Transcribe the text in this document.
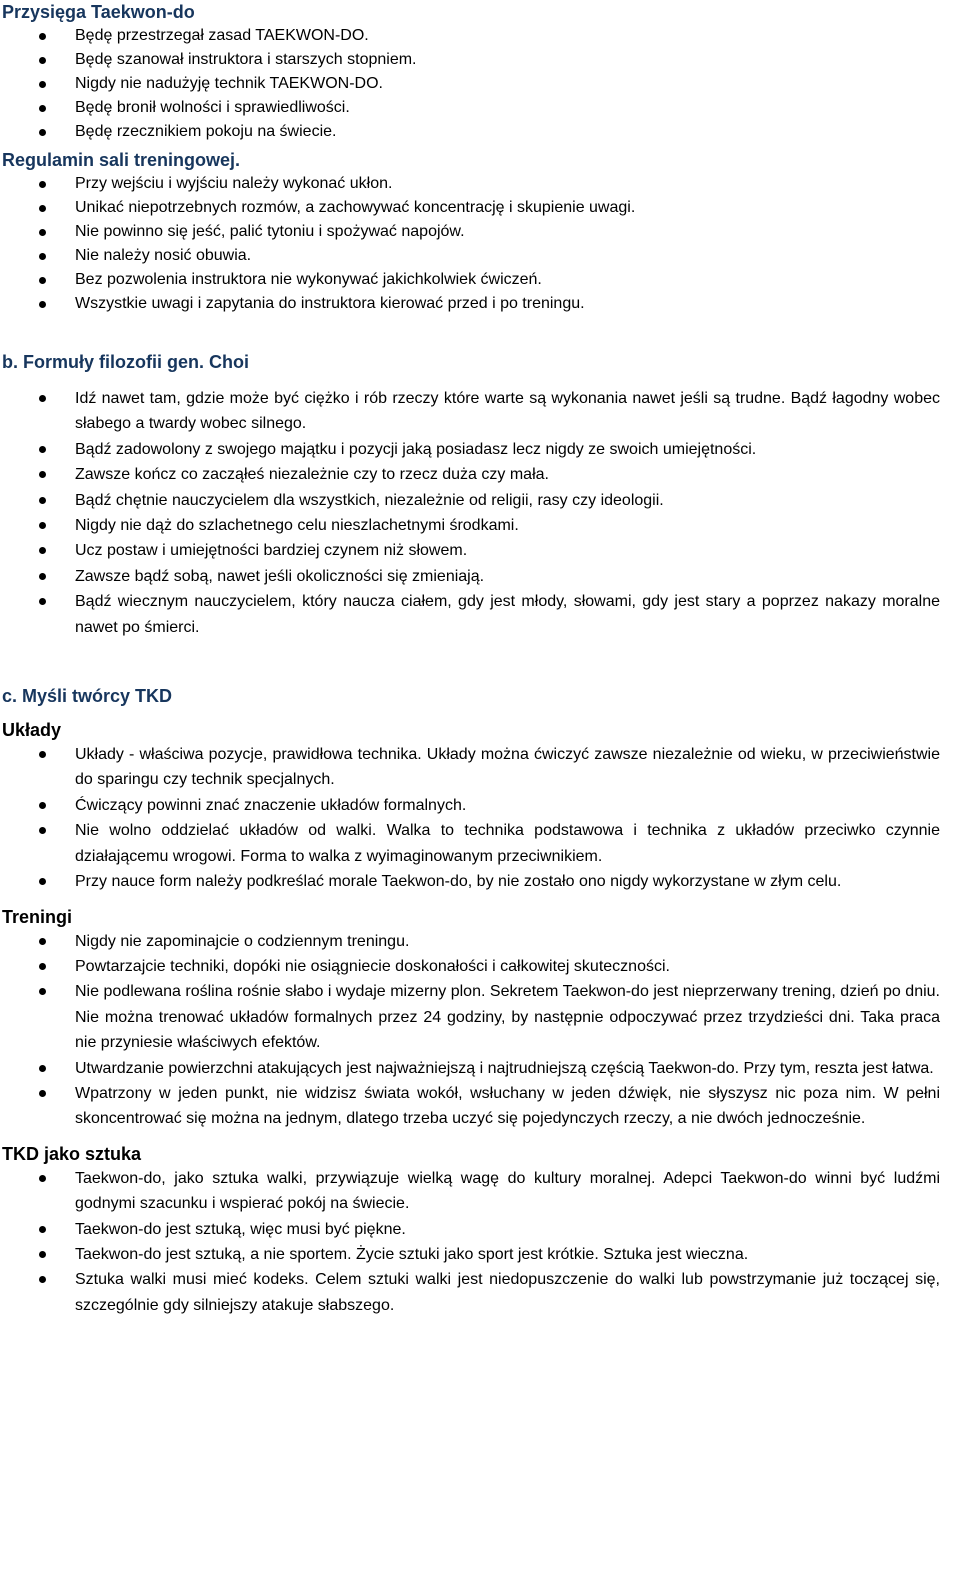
Przysięga Taekwon-do
Będę przestrzegał zasad TAEKWON-DO.
Będę szanował instruktora i starszych stopniem.
Nigdy nie nadużyję technik TAEKWON-DO.
Będę bronił wolności i sprawiedliwości.
Będę rzecznikiem pokoju na świecie.
Regulamin sali treningowej.
Przy wejściu i wyjściu należy wykonać ukłon.
Unikać niepotrzebnych rozmów, a zachowywać koncentrację i skupienie uwagi.
Nie powinno się jeść, palić tytoniu i spożywać napojów.
Nie należy nosić obuwia.
Bez pozwolenia instruktora nie wykonywać jakichkolwiek ćwiczeń.
Wszystkie uwagi i zapytania do instruktora kierować przed i po treningu.
b. Formuły filozofii gen. Choi
Idź nawet tam, gdzie może być ciężko i rób rzeczy które warte są wykonania nawet jeśli są trudne. Bądź łagodny wobec słabego a twardy wobec silnego.
Bądź zadowolony z swojego majątku i pozycji jaką posiadasz lecz nigdy ze swoich umiejętności.
Zawsze kończ co zacząłeś niezależnie czy to rzecz duża czy mała.
Bądź chętnie nauczycielem dla wszystkich, niezależnie od religii, rasy czy ideologii.
Nigdy nie dąż do szlachetnego celu nieszlachetnymi środkami.
Ucz postaw i umiejętności bardziej czynem niż słowem.
Zawsze bądź sobą, nawet jeśli okoliczności się zmieniają.
Bądź wiecznym nauczycielem, który naucza ciałem, gdy jest młody, słowami, gdy jest stary a poprzez nakazy moralne nawet po śmierci.
c. Myśli twórcy TKD
Układy
Układy - właściwa pozycje, prawidłowa technika. Układy można ćwiczyć zawsze niezależnie od wieku, w przeciwieństwie do sparingu czy technik specjalnych.
Ćwiczący powinni znać znaczenie układów formalnych.
Nie wolno oddzielać układów od walki. Walka to technika podstawowa i technika z układów przeciwko czynnie działającemu wrogowi. Forma to walka z wyimaginowanym przeciwnikiem.
Przy nauce form należy podkreślać morale Taekwon-do, by nie zostało ono nigdy wykorzystane w złym celu.
Treningi
Nigdy nie zapominajcie o codziennym treningu.
Powtarzajcie techniki, dopóki nie osiągniecie doskonałości i całkowitej skuteczności.
Nie podlewana roślina rośnie słabo i wydaje mizerny plon. Sekretem Taekwon-do jest nieprzerwany trening, dzień po dniu. Nie można trenować układów formalnych przez 24 godziny, by następnie odpoczywać przez trzydzieści dni. Taka praca nie przyniesie właściwych efektów.
Utwardzanie powierzchni atakujących jest najważniejszą i najtrudniejszą częścią Taekwon-do. Przy tym, reszta jest łatwa.
Wpatrzony w jeden punkt, nie widzisz świata wokół, wsłuchany w jeden dźwięk, nie słyszysz nic poza nim. W pełni skoncentrować się można na jednym, dlatego trzeba uczyć się pojedynczych rzeczy, a nie dwóch jednocześnie.
TKD jako sztuka
Taekwon-do, jako sztuka walki, przywiązuje wielką wagę do kultury moralnej. Adepci Taekwon-do winni być ludźmi godnymi szacunku i wspierać pokój na świecie.
Taekwon-do jest sztuką, więc musi być piękne.
Taekwon-do jest sztuką, a nie sportem. Życie sztuki jako sport jest krótkie. Sztuka jest wieczna.
Sztuka walki musi mieć kodeks. Celem sztuki walki jest niedopuszczenie do walki lub powstrzymanie już toczącej się, szczególnie gdy silniejszy atakuje słabszego.
